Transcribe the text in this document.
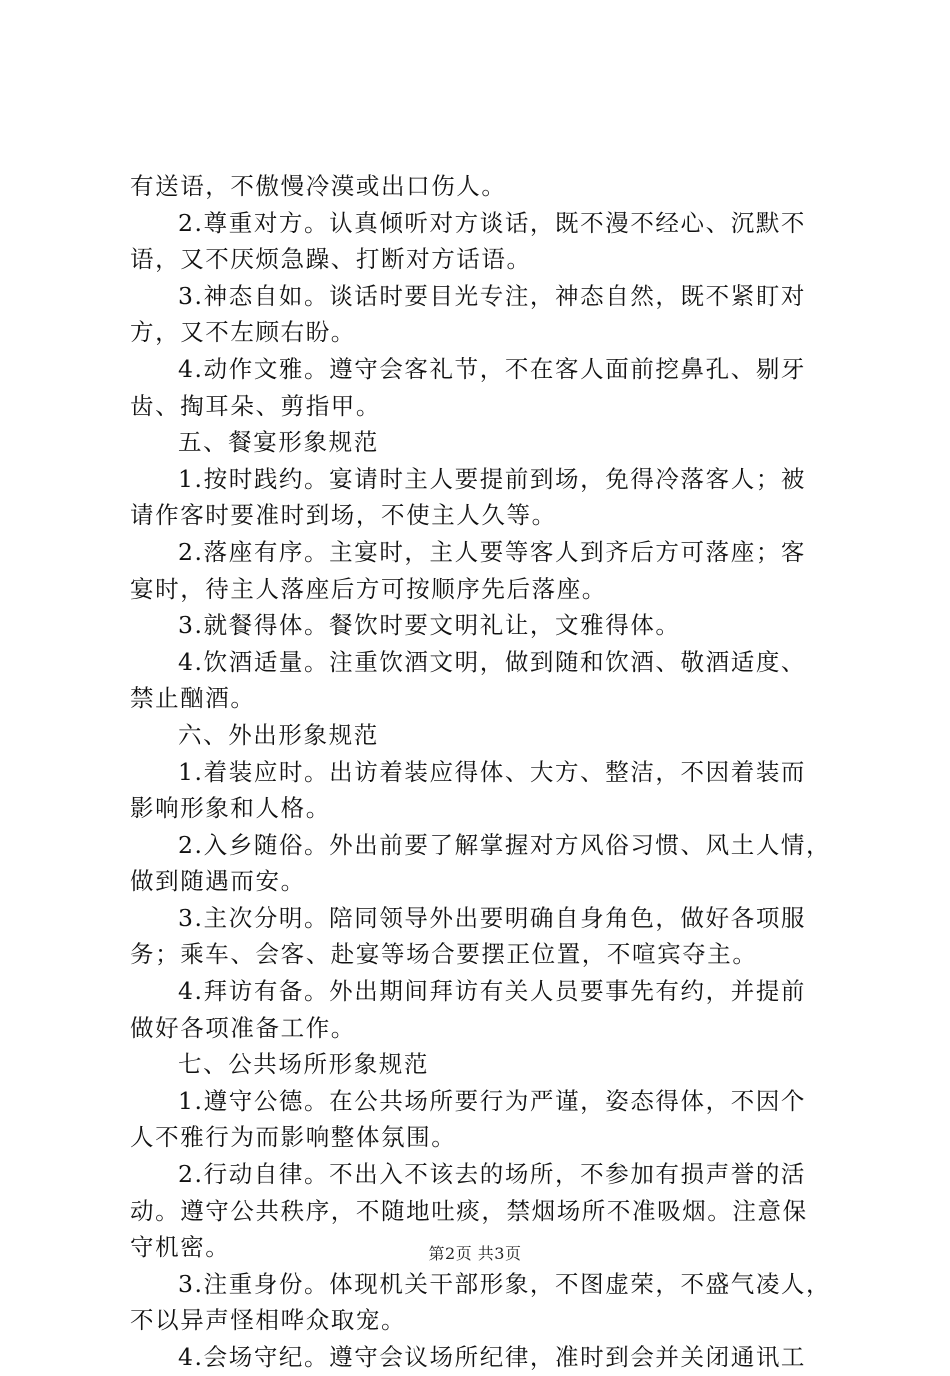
有送语，不傲慢冷漠或出口伤人。
2.尊重对方。认真倾听对方谈话，既不漫不经心、沉默不
语，又不厌烦急躁、打断对方话语。
3.神态自如。谈话时要目光专注，神态自然，既不紧盯对
方，又不左顾右盼。
4.动作文雅。遵守会客礼节，不在客人面前挖鼻孔、剔牙
齿、掏耳朵、剪指甲。
五、餐宴形象规范
1.按时践约。宴请时主人要提前到场，免得冷落客人；被
请作客时要准时到场，不使主人久等。
2.落座有序。主宴时，主人要等客人到齐后方可落座；客
宴时，待主人落座后方可按顺序先后落座。
3.就餐得体。餐饮时要文明礼让，文雅得体。
4.饮酒适量。注重饮酒文明，做到随和饮酒、敬酒适度、
禁止酗酒。
六、外出形象规范
1.着装应时。出访着装应得体、大方、整洁，不因着装而
影响形象和人格。
2.入乡随俗。外出前要了解掌握对方风俗习惯、风土人情，
做到随遇而安。
3.主次分明。陪同领导外出要明确自身角色，做好各项服
务；乘车、会客、赴宴等场合要摆正位置，不喧宾夺主。
4.拜访有备。外出期间拜访有关人员要事先有约，并提前
做好各项准备工作。
七、公共场所形象规范
1.遵守公德。在公共场所要行为严谨，姿态得体，不因个
人不雅行为而影响整体氛围。
2.行动自律。不出入不该去的场所，不参加有损声誉的活
动。遵守公共秩序，不随地吐痰，禁烟场所不准吸烟。注意保
守机密。
3.注重身份。体现机关干部形象，不图虚荣，不盛气凌人，
不以异声怪相哗众取宠。
4.会场守纪。遵守会议场所纪律，准时到会并关闭通讯工
第2页 共3页
